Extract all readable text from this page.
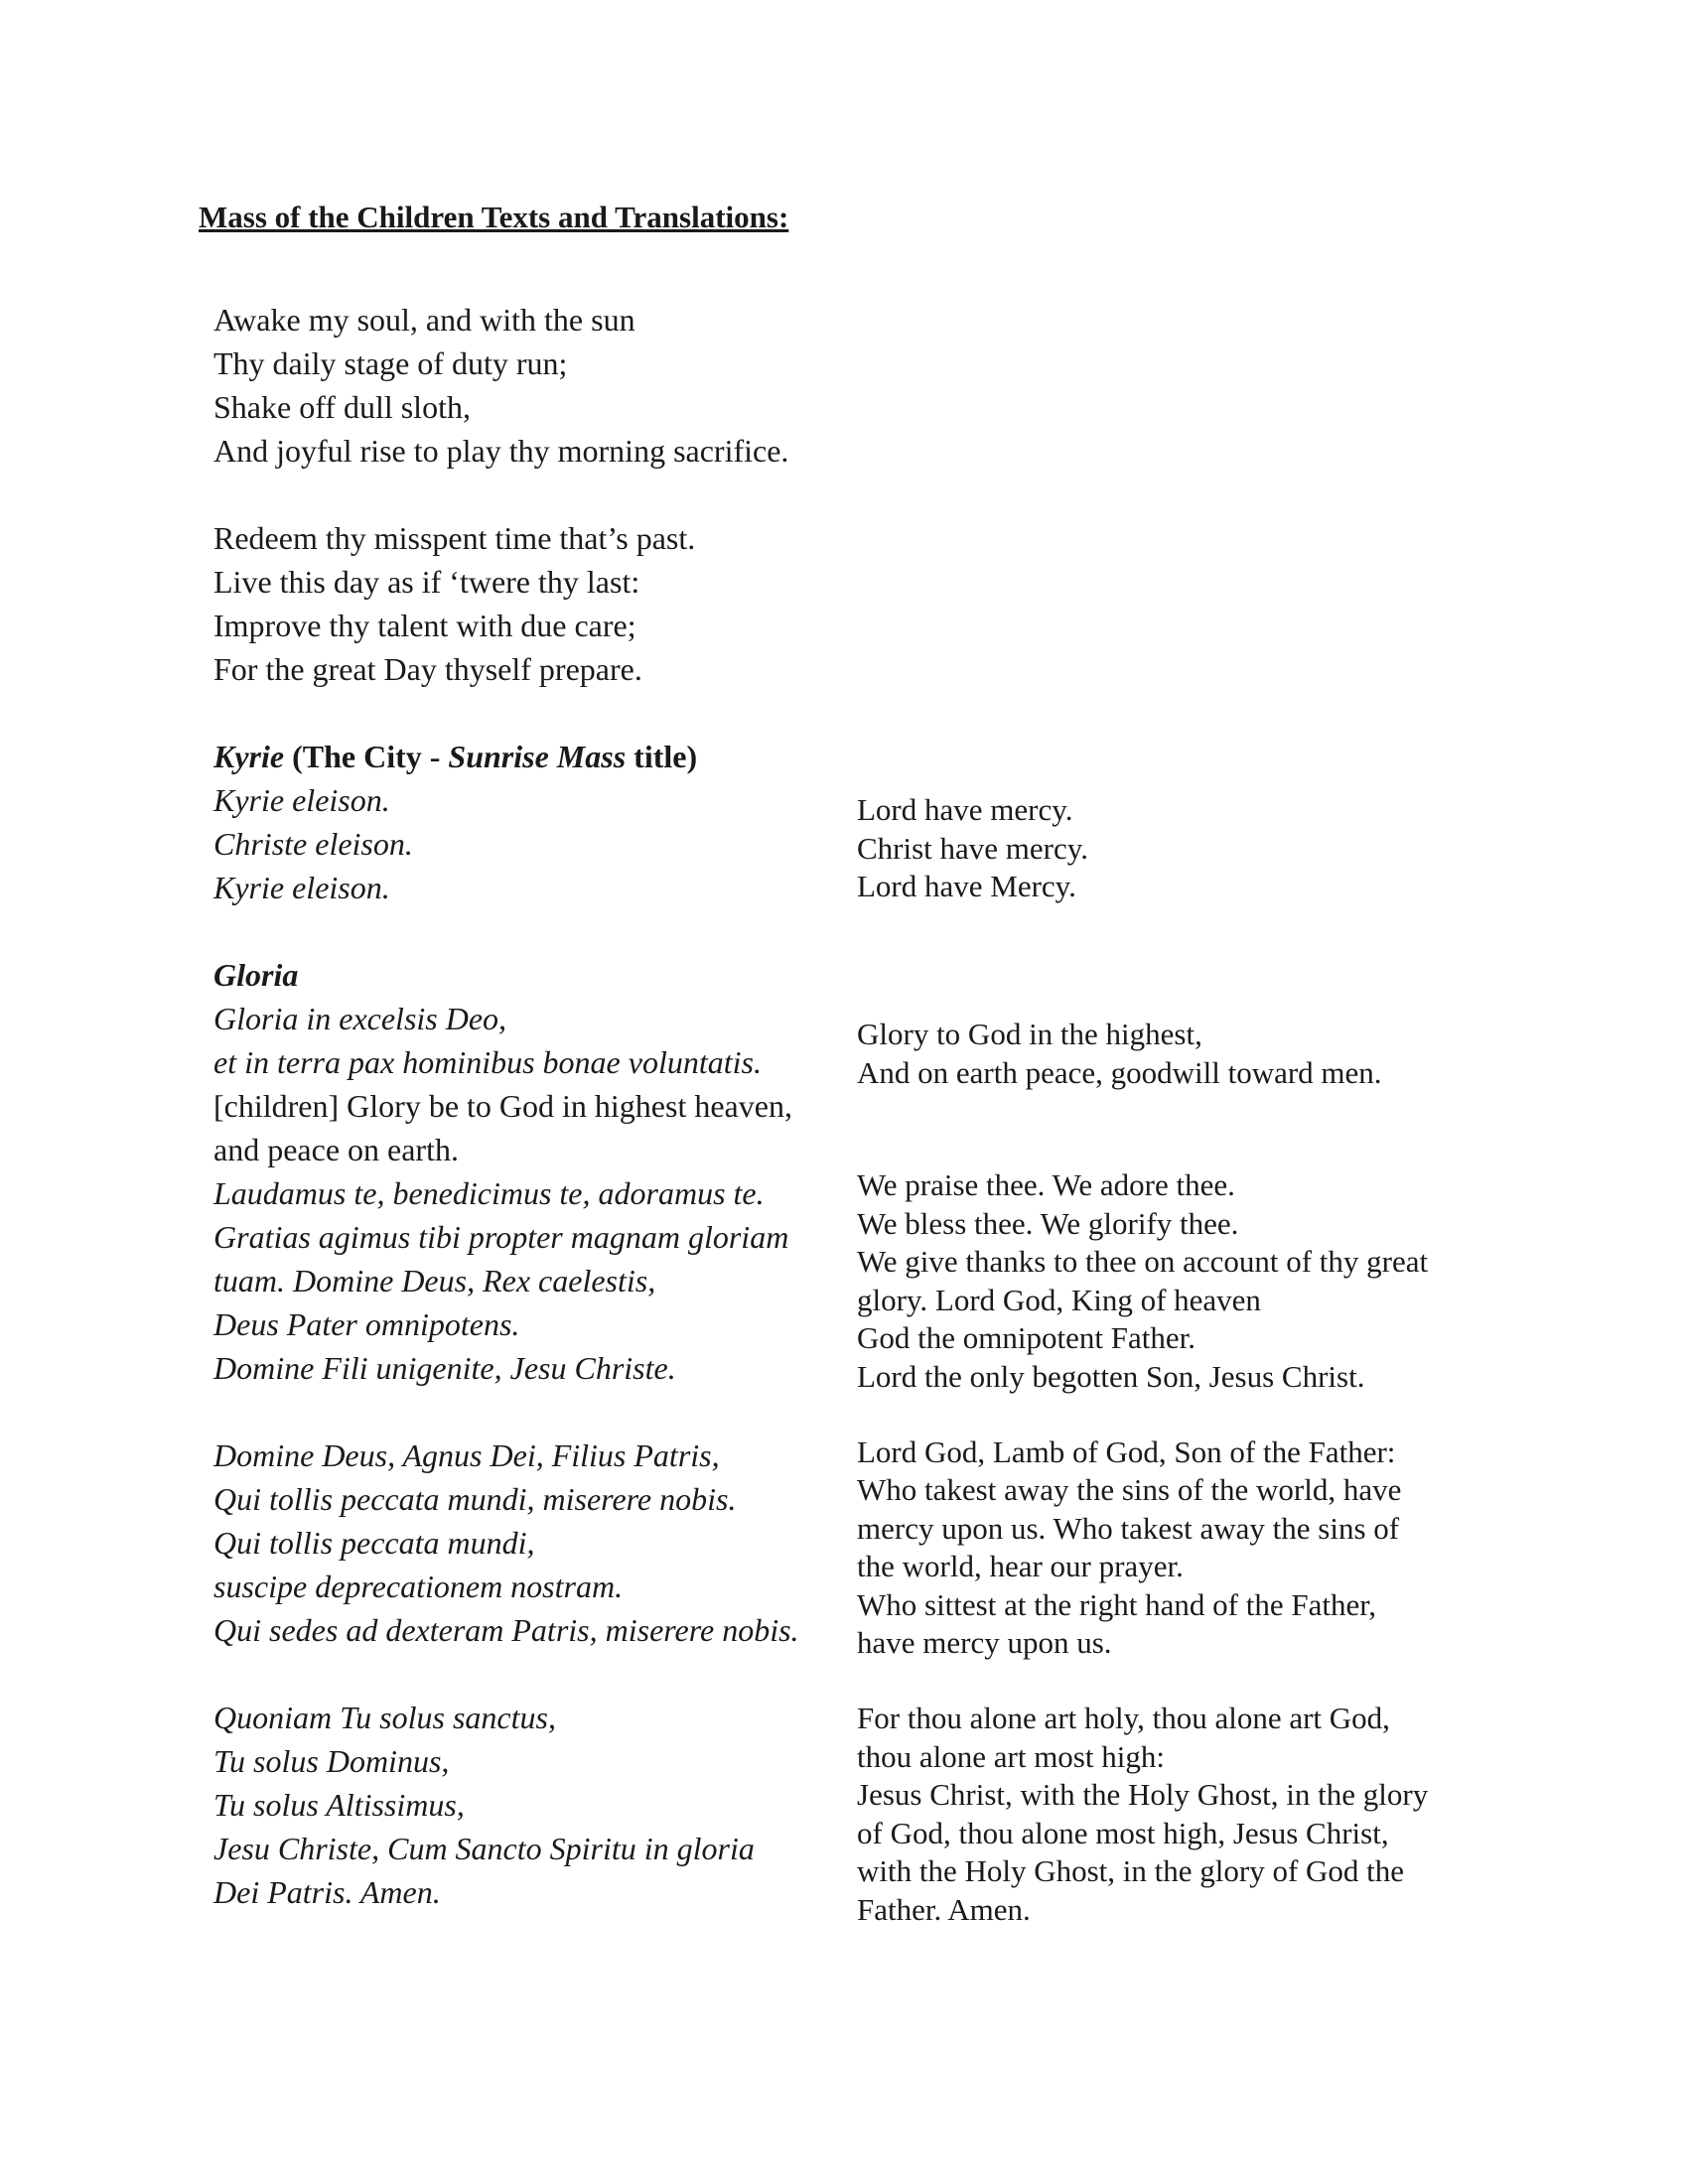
Mass of the Children Texts and Translations:
Awake my soul, and with the sun
Thy daily stage of duty run;
Shake off dull sloth,
And joyful rise to play thy morning sacrifice.
Redeem thy misspent time that’s past.
Live this day as if ‘twere thy last:
Improve thy talent with due care;
For the great Day thyself prepare.
Kyrie (The City - Sunrise Mass title)
Kyrie eleison.
Christe eleison.
Kyrie eleison.
Lord have mercy.
Christ have mercy.
Lord have Mercy.
Gloria
Gloria in excelsis Deo,
et in terra pax hominibus bonae voluntatis.
[children] Glory be to God in highest heaven,
and peace on earth.
Laudamus te, benedicimus te, adoramus te.
Gratias agimus tibi propter magnam gloriam
tuam. Domine Deus, Rex caelestis,
Deus Pater omnipotens.
Domine Fili unigenite, Jesu Christe.
Domine Deus, Agnus Dei, Filius Patris,
Qui tollis peccata mundi, miserere nobis.
Qui tollis peccata mundi,
suscipe deprecationem nostram.
Qui sedes ad dexteram Patris, miserere nobis.
Quoniam Tu solus sanctus,
Tu solus Dominus,
Tu solus Altissimus,
Jesu Christe, Cum Sancto Spiritu in gloria
Dei Patris. Amen.
Glory to God in the highest,
And on earth peace, goodwill toward men.
We praise thee. We adore thee.
We bless thee. We glorify thee.
We give thanks to thee on account of thy great
glory. Lord God, King of heaven
God the omnipotent Father.
Lord the only begotten Son, Jesus Christ.
Lord God, Lamb of God, Son of the Father:
Who takest away the sins of the world, have
mercy upon us. Who takest away the sins of
the world, hear our prayer.
Who sittest at the right hand of the Father,
have mercy upon us.
For thou alone art holy, thou alone art God,
thou alone art most high:
Jesus Christ, with the Holy Ghost, in the glory
of God, thou alone most high, Jesus Christ,
with the Holy Ghost, in the glory of God the
Father. Amen.
